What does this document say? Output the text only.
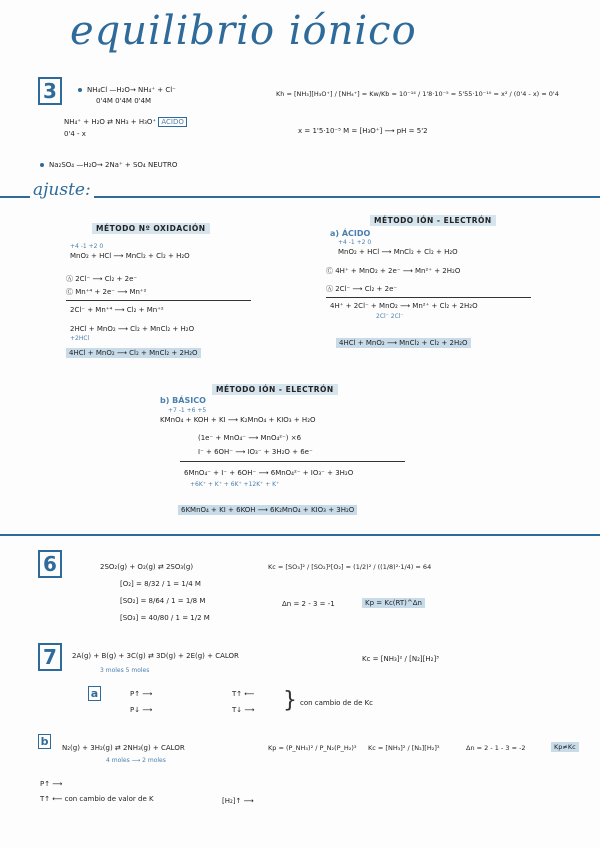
equilibrio iónico
3	NH₄Cl —H₂O→ NH₄⁺ + Cl⁻
0'4M 0'4M 0'4M
NH₄⁺ + H₂O ⇄ NH₃ + H₃O⁺ ÁCIDO
0'4 - x
Kh = [NH₃][H₃O⁺] / [NH₄⁺] = Kw/Kb = 10⁻¹⁴ / 1'8·10⁻⁵ = 5'55·10⁻¹⁰ = x² / (0'4 - x) ≈ 0'4
x = 1'5·10⁻⁵ M = [H₃O⁺] ⟶ pH = 5'2
Na₂SO₄ —H₂O→ 2Na⁺ + SO₄ NEUTRO
ajuste:
MÉTODO Nº OXIDACIÓN
+4 -1 +2 0
MnO₂ + HCl ⟶ MnCl₂ + Cl₂ + H₂O
Ⓐ 2Cl⁻ ⟶ Cl₂ + 2e⁻
Ⓒ Mn⁺⁴ + 2e⁻ ⟶ Mn⁺²
2Cl⁻ + Mn⁺⁴ ⟶ Cl₂ + Mn⁺²
2HCl + MnO₂ ⟶ Cl₂ + MnCl₂ + H₂O
+2HCl
4HCl + MnO₂ ⟶ Cl₂ + MnCl₂ + 2H₂O
MÉTODO IÓN - ELECTRÓN
a) ÁCIDO
+4 -1 +2 0
MnO₂ + HCl ⟶ MnCl₂ + Cl₂ + H₂O
Ⓒ 4H⁺ + MnO₂ + 2e⁻ ⟶ Mn²⁺ + 2H₂O
Ⓐ 2Cl⁻ ⟶ Cl₂ + 2e⁻
4H⁺ + 2Cl⁻ + MnO₂ ⟶ Mn²⁺ + Cl₂ + 2H₂O
2Cl⁻ 2Cl⁻
4HCl + MnO₂ ⟶ MnCl₂ + Cl₂ + 2H₂O
MÉTODO IÓN - ELECTRÓN
b) BÁSICO
+7 -1 +6 +5
KMnO₄ + KOH + KI ⟶ K₂MnO₄ + KIO₃ + H₂O
(1e⁻ + MnO₄⁻ ⟶ MnO₄²⁻) ×6
I⁻ + 6OH⁻ ⟶ IO₃⁻ + 3H₂O + 6e⁻
6MnO₄⁻ + I⁻ + 6OH⁻ ⟶ 6MnO₄²⁻ + IO₃⁻ + 3H₂O
+6K⁺ + K⁺ + 6K⁺ +12K⁺ + K⁺
6KMnO₄ + KI + 6KOH ⟶ 6K₂MnO₄ + KIO₃ + 3H₂O
6	2SO₂(g) + O₂(g) ⇄ 2SO₃(g)
[O₂] = 8/32 / 1 = 1/4 M
[SO₂] = 8/64 / 1 = 1/8 M
[SO₃] = 40/80 / 1 = 1/2 M
Kc = [SO₃]² / [SO₂]²[O₂] = (1/2)² / ((1/8)²·1/4) = 64
Δn = 2 - 3 = -1	Kp = Kc(RT)^Δn
7	2A(g) + B(g) + 3C(g) ⇄ 3D(g) + 2E(g) + CALOR
3 moles 5 moles
Kc = [NH₃]² / [N₂][H₂]³
a	P↑ ⟶
P↓ ⟶
T↑ ⟵
T↓ ⟶ } con cambio de de Kc
b	N₂(g) + 3H₂(g) ⇄ 2NH₃(g) + CALOR
4 moles ⟶ 2 moles
Kp = (P_NH₃)² / P_N₂(P_H₂)³ Kc = [NH₃]² / [N₂][H₂]³	Δn = 2 - 1 - 3 = -2	Kp≠Kc
P↑ ⟶
T↑ ⟵ con cambio de valor de K	[H₂]↑ ⟶
